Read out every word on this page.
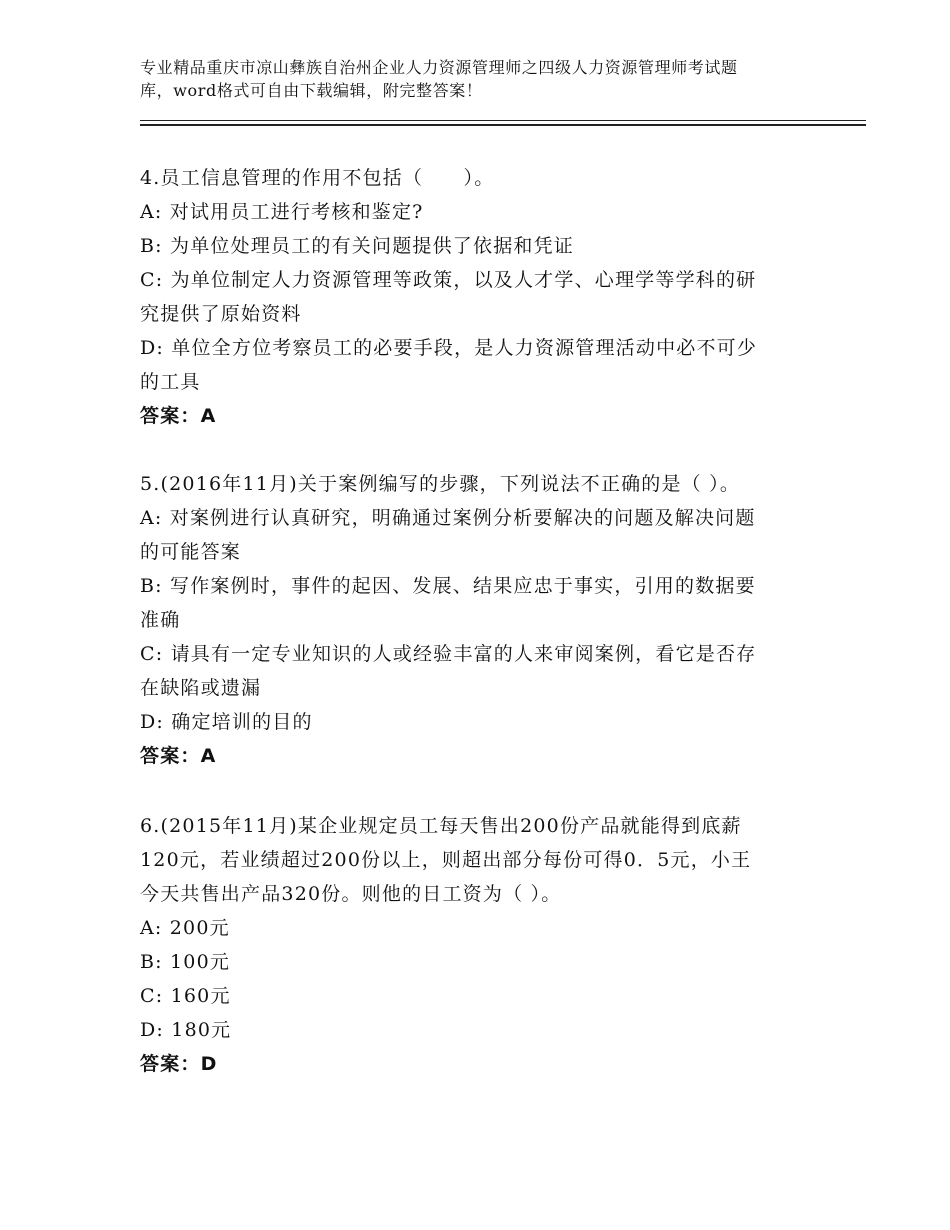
专业精品重庆市凉山彝族自治州企业人力资源管理师之四级人力资源管理师考试题
库，word格式可自由下载编辑，附完整答案！
4.员工信息管理的作用不包括（　　）。
A: 对试用员工进行考核和鉴定?
B: 为单位处理员工的有关问题提供了依据和凭证
C: 为单位制定人力资源管理等政策，以及人才学、心理学等学科的研
究提供了原始资料
D: 单位全方位考察员工的必要手段，是人力资源管理活动中必不可少
的工具
答案：A
5.(2016年11月)关于案例编写的步骤，下列说法不正确的是（ ）。
A: 对案例进行认真研究，明确通过案例分析要解决的问题及解决问题
的可能答案
B: 写作案例时，事件的起因、发展、结果应忠于事实，引用的数据要
准确
C: 请具有一定专业知识的人或经验丰富的人来审阅案例，看它是否存
在缺陷或遗漏
D: 确定培训的目的
答案：A
6.(2015年11月)某企业规定员工每天售出200份产品就能得到底薪
120元，若业绩超过200份以上，则超出部分每份可得0．5元，小王
今天共售出产品320份。则他的日工资为（ ）。
A: 200元
B: 100元
C: 160元
D: 180元
答案：D
